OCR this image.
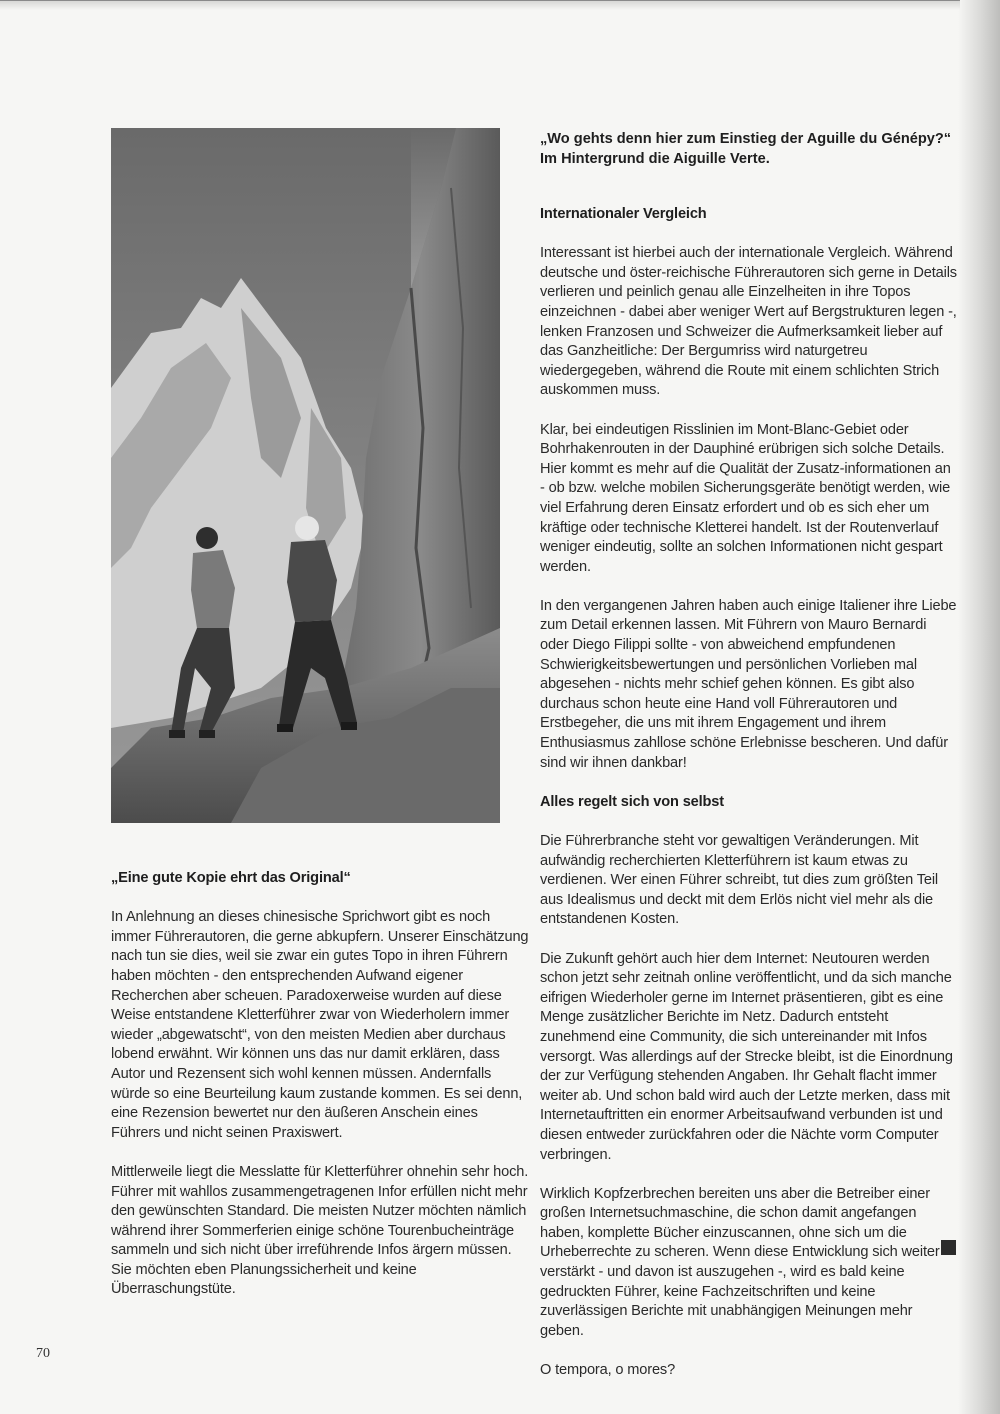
„Wo gehts denn hier zum Einstieg der Aguille du Génépy?“
Im Hintergrund die Aiguille Verte.
Internationaler Vergleich

Interessant ist hierbei auch der internationale Vergleich. Während deutsche und öster-reichische Führerautoren sich gerne in Details verlieren und peinlich genau alle Einzelheiten in ihre Topos einzeichnen - dabei aber weniger Wert auf Bergstrukturen legen -, lenken Franzosen und Schweizer die Aufmerksamkeit lieber auf das Ganzheitliche: Der Bergumriss wird naturgetreu wiedergegeben, während die Route mit einem schlichten Strich auskommen muss.

Klar, bei eindeutigen Risslinien im Mont-Blanc-Gebiet oder Bohrhakenrouten in der Dauphiné erübrigen sich solche Details. Hier kommt es mehr auf die Qualität der Zusatz-informationen an - ob bzw. welche mobilen Sicherungsgeräte benötigt werden, wie viel Erfahrung deren Einsatz erfordert und ob es sich eher um kräftige oder technische Kletterei handelt. Ist der Routenverlauf weniger eindeutig, sollte an solchen Informationen nicht gespart werden.

In den vergangenen Jahren haben auch einige Italiener ihre Liebe zum Detail erkennen lassen. Mit Führern von Mauro Bernardi oder Diego Filippi sollte - von abweichend empfundenen Schwierigkeitsbewertungen und persönlichen Vorlieben mal abgesehen - nichts mehr schief gehen können. Es gibt also durchaus schon heute eine Hand voll Führerautoren und Erstbegeher, die uns mit ihrem Engagement und ihrem Enthusiasmus zahllose schöne Erlebnisse bescheren. Und dafür sind wir ihnen dankbar!

Alles regelt sich von selbst

Die Führerbranche steht vor gewaltigen Veränderungen. Mit aufwändig recherchierten Kletterführern ist kaum etwas zu verdienen. Wer einen Führer schreibt, tut dies zum größten Teil aus Idealismus und deckt mit dem Erlös nicht viel mehr als die entstandenen Kosten.

Die Zukunft gehört auch hier dem Internet: Neutouren werden schon jetzt sehr zeitnah online veröffentlicht, und da sich manche eifrigen Wiederholer gerne im Internet präsentieren, gibt es eine Menge zusätzlicher Berichte im Netz. Dadurch entsteht zunehmend eine Community, die sich untereinander mit Infos versorgt. Was allerdings auf der Strecke bleibt, ist die Einordnung der zur Verfügung stehenden Angaben. Ihr Gehalt flacht immer weiter ab. Und schon bald wird auch der Letzte merken, dass mit Internetauftritten ein enormer Arbeitsaufwand verbunden ist und diesen entweder zurückfahren oder die Nächte vorm Computer verbringen.

Wirklich Kopfzerbrechen bereiten uns aber die Betreiber einer großen Internetsuchmaschine, die schon damit angefangen haben, komplette Bücher einzuscannen, ohne sich um die Urheberrechte zu scheren. Wenn diese Entwicklung sich weiter verstärkt - und davon ist auszugehen -, wird es bald keine gedruckten Führer, keine Fachzeitschriften und keine zuverlässigen Berichte mit unabhängigen Meinungen mehr geben.

O tempora, o mores?

„Eine gute Kopie ehrt das Original“

In Anlehnung an dieses chinesische Sprichwort gibt es noch immer Führerautoren, die gerne abkupfern. Unserer Einschätzung nach tun sie dies, weil sie zwar ein gutes Topo in ihren Führern haben möchten - den entsprechenden Aufwand eigener Recherchen aber scheuen. Paradoxerweise wurden auf diese Weise entstandene Kletterführer zwar von Wiederholern immer wieder „abgewatscht“, von den meisten Medien aber durchaus lobend erwähnt. Wir können uns das nur damit erklären, dass Autor und Rezensent sich wohl kennen müssen. Andernfalls würde so eine Beurteilung kaum zustande kommen. Es sei denn, eine Rezension bewertet nur den äußeren Anschein eines Führers und nicht seinen Praxiswert.

Mittlerweile liegt die Messlatte für Kletterführer ohnehin sehr hoch. Führer mit wahllos zusammengetragenen Infor erfüllen nicht mehr den gewünschten Standard. Die meisten Nutzer möchten nämlich während ihrer Sommerferien einige schöne Tourenbucheinträge sammeln und sich nicht über irreführende Infos ärgern müssen. Sie möchten eben Planungssicherheit und keine Überraschungstüte.

70
